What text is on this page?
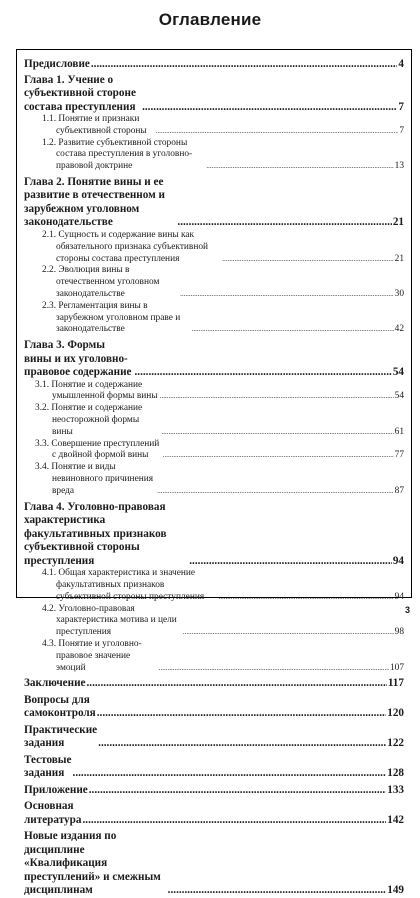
Оглавление
Предисловие .....	4
Глава 1. Учение о субъективной стороне состава преступления .....	7
1.1. Понятие и признаки субъективной стороны .....	7
1.2. Развитие субъективной стороны состава преступления в уголовно-правовой доктрине .....	13
Глава 2. Понятие вины и ее развитие в отечественном и зарубежном уголовном законодательстве .....	21
2.1. Сущность и содержание вины как обязательного признака субъективной стороны состава преступления .....	21
2.2. Эволюция вины в отечественном уголовном законодательстве .....	30
2.3. Регламентация вины в зарубежном уголовном праве и законодательстве .....	42
Глава 3. Формы вины и их уголовно-правовое содержание .....	54
3.1. Понятие и содержание умышленной формы вины .....	54
3.2. Понятие и содержание неосторожной формы вины .....	61
3.3. Совершение преступлений с двойной формой вины .....	77
3.4. Понятие и виды невиновного причинения вреда .....	87
Глава 4. Уголовно-правовая характеристика факультативных признаков субъективной стороны преступления .....	94
4.1. Общая характеристика и значение факультативных признаков субъективной стороны преступления .....	94
4.2. Уголовно-правовая характеристика мотива и цели преступления .....	98
4.3. Понятие и уголовно-правовое значение эмоций .....	107
Заключение .....	117
Вопросы для самоконтроля .....	120
Практические задания .....	122
Тестовые задания .....	128
Приложение .....	133
Основная литература .....	142
Новые издания по дисциплине «Квалификация преступлений» и смежным дисциплинам .....	149
3
